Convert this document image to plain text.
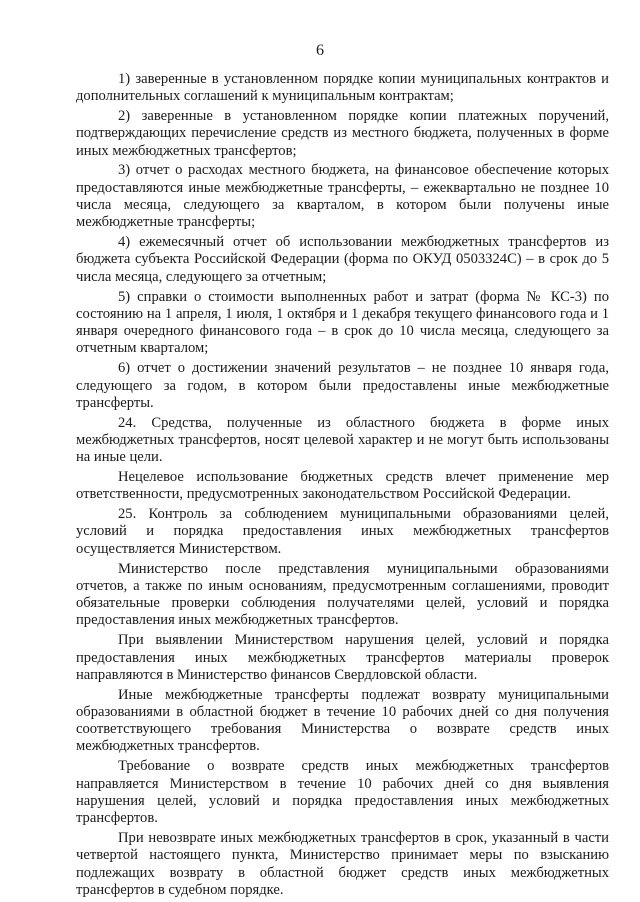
6

1) заверенные в установленном порядке копии муниципальных контрактов и дополнительных соглашений к муниципальным контрактам;

2) заверенные в установленном порядке копии платежных поручений, подтверждающих перечисление средств из местного бюджета, полученных в форме иных межбюджетных трансфертов;

3) отчет о расходах местного бюджета, на финансовое обеспечение которых предоставляются иные межбюджетные трансферты, – ежеквартально не позднее 10 числа месяца, следующего за кварталом, в котором были получены иные межбюджетные трансферты;

4) ежемесячный отчет об использовании межбюджетных трансфертов из бюджета субъекта Российской Федерации (форма по ОКУД 0503324С) – в срок до 5 числа месяца, следующего за отчетным;

5) справки о стоимости выполненных работ и затрат (форма № КС-3) по состоянию на 1 апреля, 1 июля, 1 октября и 1 декабря текущего финансового года и 1 января очередного финансового года – в срок до 10 числа месяца, следующего за отчетным кварталом;

6) отчет о достижении значений результатов – не позднее 10 января года, следующего за годом, в котором были предоставлены иные межбюджетные трансферты.

24. Средства, полученные из областного бюджета в форме иных межбюджетных трансфертов, носят целевой характер и не могут быть использованы на иные цели.

Нецелевое использование бюджетных средств влечет применение мер ответственности, предусмотренных законодательством Российской Федерации.

25. Контроль за соблюдением муниципальными образованиями целей, условий и порядка предоставления иных межбюджетных трансфертов осуществляется Министерством.

Министерство после представления муниципальными образованиями отчетов, а также по иным основаниям, предусмотренным соглашениями, проводит обязательные проверки соблюдения получателями целей, условий и порядка предоставления иных межбюджетных трансфертов.

При выявлении Министерством нарушения целей, условий и порядка предоставления иных межбюджетных трансфертов материалы проверок направляются в Министерство финансов Свердловской области.

Иные межбюджетные трансферты подлежат возврату муниципальными образованиями в областной бюджет в течение 10 рабочих дней со дня получения соответствующего требования Министерства о возврате средств иных межбюджетных трансфертов.

Требование о возврате средств иных межбюджетных трансфертов направляется Министерством в течение 10 рабочих дней со дня выявления нарушения целей, условий и порядка предоставления иных межбюджетных трансфертов.

При невозврате иных межбюджетных трансфертов в срок, указанный в части четвертой настоящего пункта, Министерство принимает меры по взысканию подлежащих возврату в областной бюджет средств иных межбюджетных трансфертов в судебном порядке.
